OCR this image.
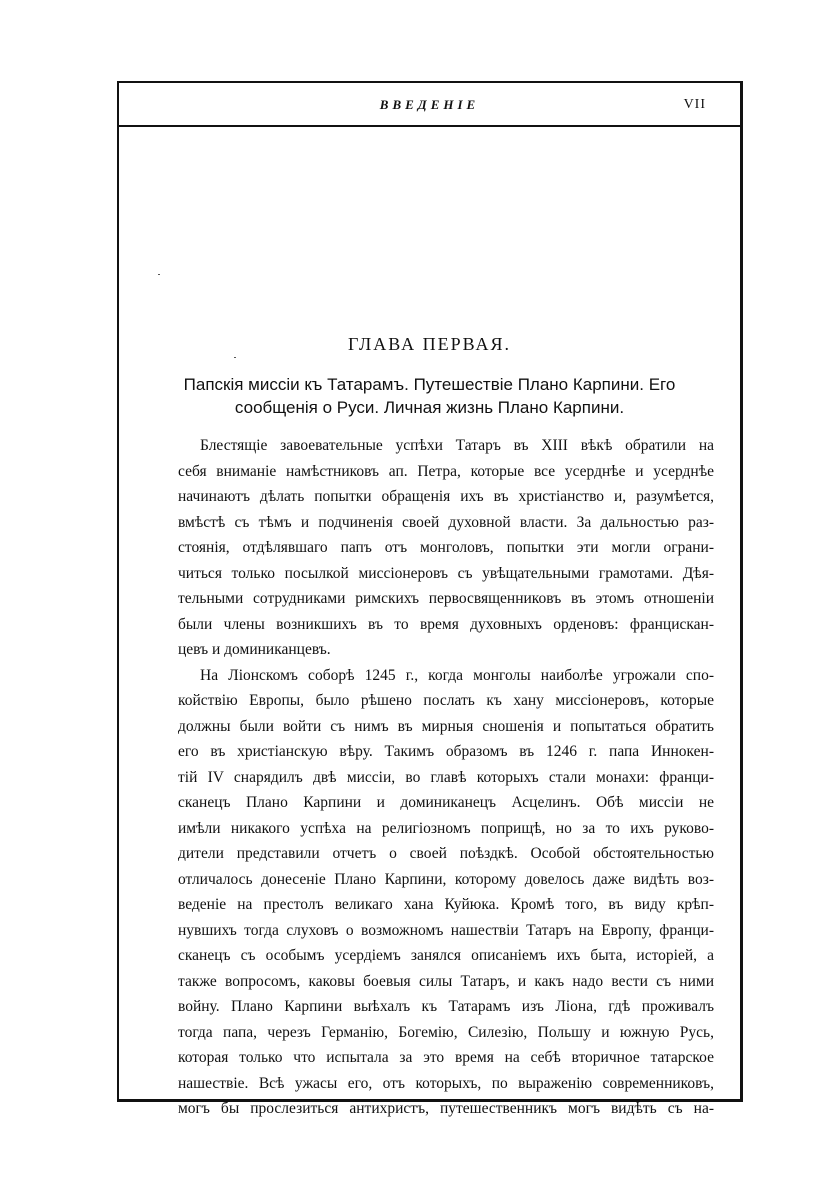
ВВЕДЕНІЕ	VII
ГЛАВА ПЕРВАЯ.
Папскія миссіи къ Татарамъ. Путешествіе Плано Карпини. Его
сообщенія о Руси. Личная жизнь Плано Карпини.
Блестящіе завоевательные успѣхи Татаръ въ XIII вѣкѣ обратили на
себя вниманіе намѣстниковъ ап. Петра, которые все усерднѣе и усерднѣе
начинаютъ дѣлать попытки обращенія ихъ въ христіанство и, разумѣется,
вмѣстѣ съ тѣмъ и подчиненія своей духовной власти. За дальностью раз-
стоянія, отдѣлявшаго папъ отъ монголовъ, попытки эти могли ограни-
читься только посылкой миссіонеровъ съ увѣщательными грамотами. Дѣя-
тельными сотрудниками римскихъ первосвященниковъ въ этомъ отношеніи
были члены возникшихъ въ то время духовныхъ орденовъ: францискан-
цевъ и доминиканцевъ.
На Ліонскомъ соборѣ 1245 г., когда монголы наиболѣе угрожали спо-
койствію Европы, было рѣшено послать къ хану миссіонеровъ, которые
должны были войти съ нимъ въ мирныя сношенія и попытаться обратить
его въ христіанскую вѣру. Такимъ образомъ въ 1246 г. папа Иннокен-
тій IV снарядилъ двѣ миссіи, во главѣ которыхъ стали монахи: франци-
сканецъ Плано Карпини и доминиканецъ Асцелинъ. Обѣ миссіи не
имѣли никакого успѣха на религіозномъ поприщѣ, но за то ихъ руково-
дители представили отчетъ о своей поѣздкѣ. Особой обстоятельностью
отличалось донесеніе Плано Карпини, которому довелось даже видѣть воз-
веденіе на престолъ великаго хана Куйюка. Кромѣ того, въ виду крѣп-
нувшихъ тогда слуховъ о возможномъ нашествіи Татаръ на Европу, франци-
сканецъ съ особымъ усердіемъ занялся описаніемъ ихъ быта, исторіей, а
также вопросомъ, каковы боевыя силы Татаръ, и какъ надо вести съ ними
войну. Плано Карпини выѣхалъ къ Татарамъ изъ Ліона, гдѣ проживалъ
тогда папа, черезъ Германію, Богемію, Силезію, Польшу и южную Русь,
которая только что испытала за это время на себѣ вторичное татарское
нашествіе. Всѣ ужасы его, отъ которыхъ, по выраженію современниковъ,
могъ бы прослезиться антихристъ, путешественникъ могъ видѣть съ на-
